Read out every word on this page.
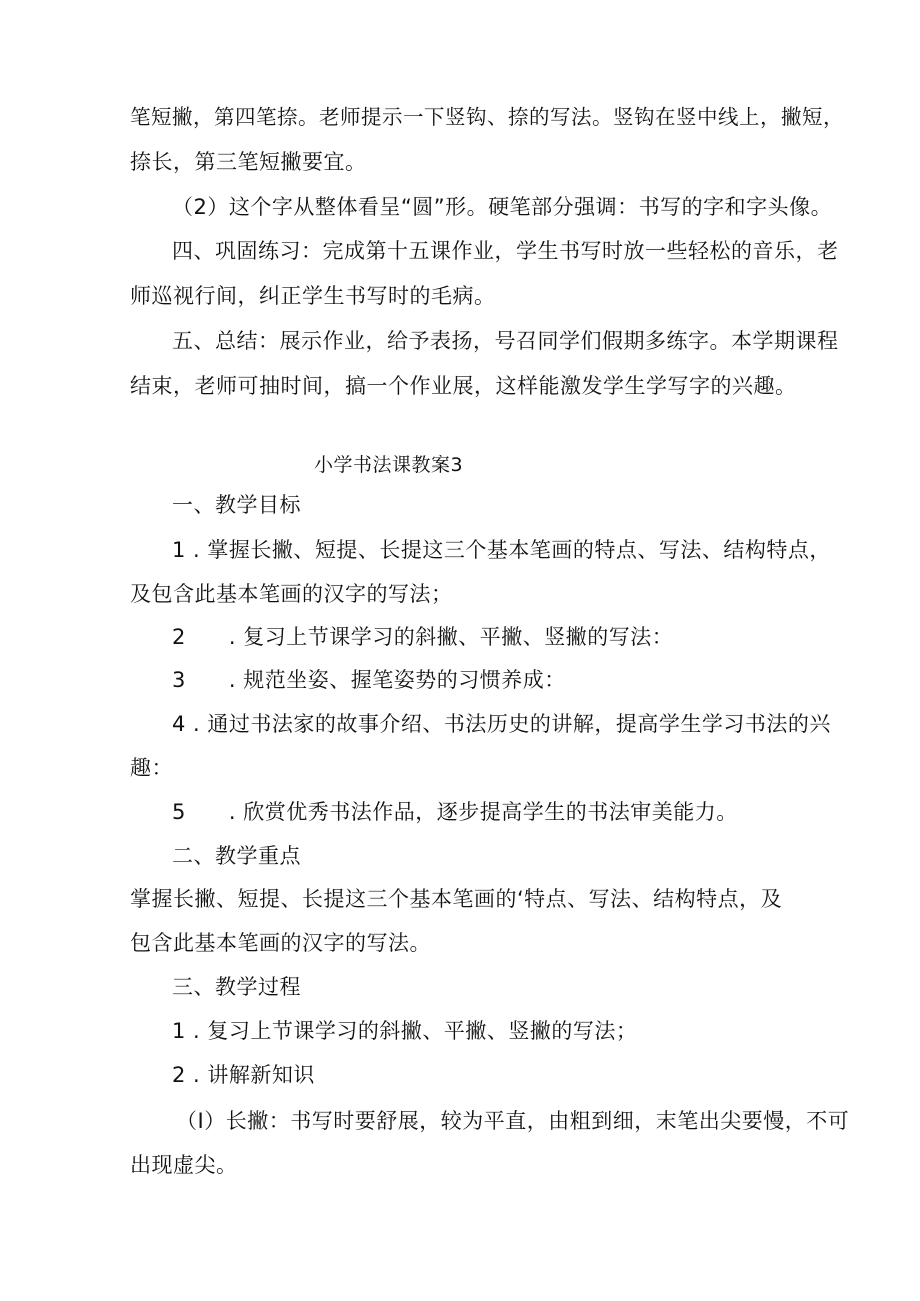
笔短撇，第四笔捺。老师提示一下竖钩、捺的写法。竖钩在竖中线上，撇短，
捺长，第三笔短撇要宜。
（2）这个字从整体看呈“圆”形。硬笔部分强调：书写的字和字头像。
四、巩固练习：完成第十五课作业，学生书写时放一些轻松的音乐，老
师巡视行间，纠正学生书写时的毛病。
五、总结：展示作业，给予表扬，号召同学们假期多练字。本学期课程
结束，老师可抽时间，搞一个作业展，这样能激发学生学写字的兴趣。
小学书法课教案3
一、教学目标
1 . 掌握长撇、短提、长提这三个基本笔画的特点、写法、结构特点，
及包含此基本笔画的汉字的写法；
2　　. 复习上节课学习的斜撇、平撇、竖撇的写法：
3　　. 规范坐姿、握笔姿势的习惯养成：
4 . 通过书法家的故事介绍、书法历史的讲解，提高学生学习书法的兴
趣：
5　　. 欣赏优秀书法作品，逐步提高学生的书法审美能力。
二、教学重点
掌握长撇、短提、长提这三个基本笔画的‘特点、写法、结构特点，及
包含此基本笔画的汉字的写法。
三、教学过程
1 . 复习上节课学习的斜撇、平撇、竖撇的写法；
2 . 讲解新知识
（I）长撇：书写时要舒展，较为平直，由粗到细，末笔出尖要慢，不可
出现虚尖。
